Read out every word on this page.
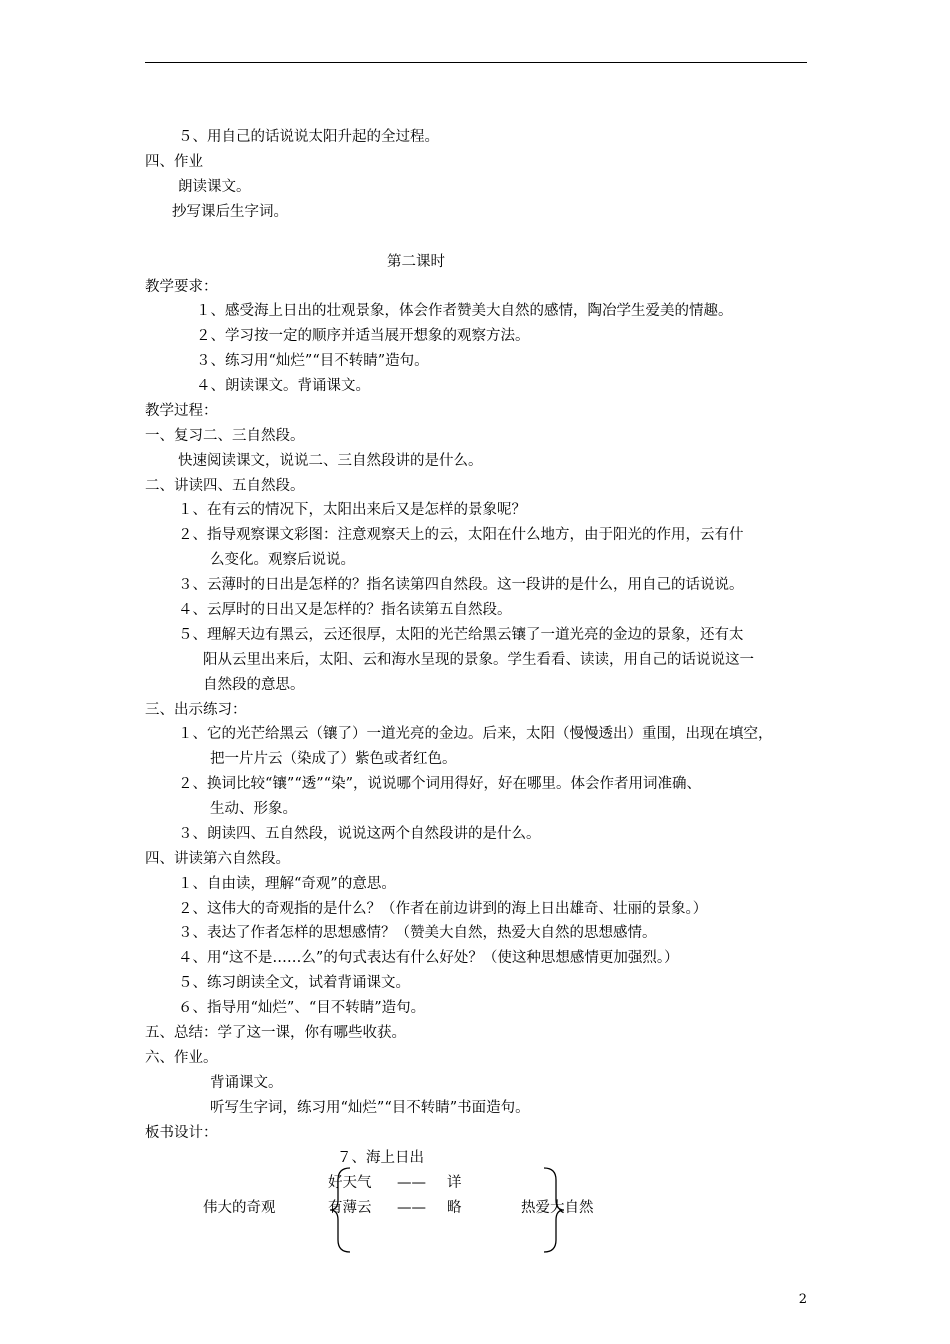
５、用自己的话说说太阳升起的全过程。
四、作业
朗读课文。
抄写课后生字词。
第二课时
教学要求：
１、感受海上日出的壮观景象，体会作者赞美大自然的感情，陶冶学生爱美的情趣。
２、学习按一定的顺序并适当展开想象的观察方法。
３、练习用“灿烂”“目不转睛”造句。
４、朗读课文。背诵课文。
教学过程：
一、复习二、三自然段。
快速阅读课文，说说二、三自然段讲的是什么。
二、讲读四、五自然段。
１、在有云的情况下，太阳出来后又是怎样的景象呢？
２、指导观察课文彩图：注意观察天上的云，太阳在什么地方，由于阳光的作用，云有什
么变化。观察后说说。
３、云薄时的日出是怎样的？指名读第四自然段。这一段讲的是什么，用自己的话说说。
４、云厚时的日出又是怎样的？指名读第五自然段。
５、理解天边有黑云，云还很厚，太阳的光芒给黑云镶了一道光亮的金边的景象，还有太
阳从云里出来后，太阳、云和海水呈现的景象。学生看看、读读，用自己的话说说这一
自然段的意思。
三、出示练习：
１、它的光芒给黑云（镶了）一道光亮的金边。后来，太阳（慢慢透出）重围，出现在填空，
把一片片云（染成了）紫色或者红色。
２、换词比较“镶”“透”“染”，说说哪个词用得好，好在哪里。体会作者用词准确、
生动、形象。
３、朗读四、五自然段，说说这两个自然段讲的是什么。
四、讲读第六自然段。
１、自由读，理解“奇观”的意思。
２、这伟大的奇观指的是什么？（作者在前边讲到的海上日出雄奇、壮丽的景象。）
３、表达了作者怎样的思想感情？（赞美大自然，热爱大自然的思想感情。
４、用“这不是……么”的句式表达有什么好处？（使这种思想感情更加强烈。）
５、练习朗读全文，试着背诵课文。
６、指导用“灿烂”、“目不转睛”造句。
五、总结：学了这一课，你有哪些收获。
六、作业。
背诵课文。
听写生字词，练习用“灿烂”“目不转睛”书面造句。
板书设计：
７、海上日出
好天气 —— 详
伟大的奇观	有薄云 —— 略	热爱大自然
2
